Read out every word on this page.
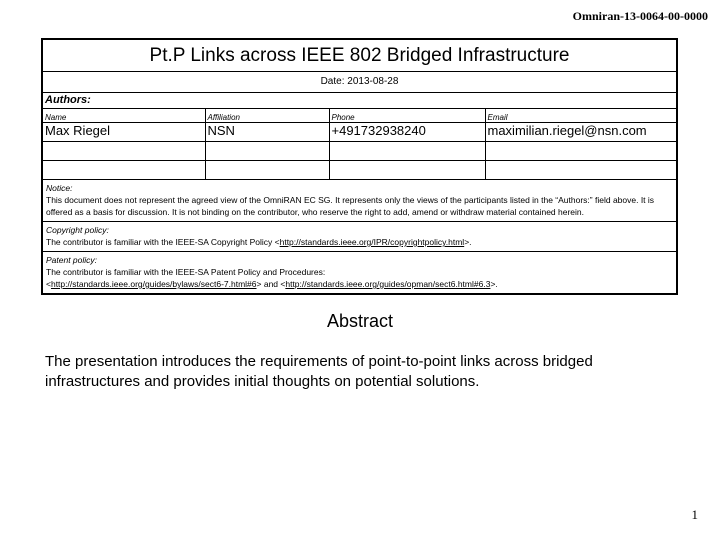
Omniran-13-0064-00-0000
Pt.P Links across IEEE 802 Bridged Infrastructure
Date: 2013-08-28
Authors:
Name	Affiliation	Phone	Email
Max Riegel	NSN	+491732938240	maximilian.riegel@nsn.com

Notice:
This document does not represent the agreed view of the OmniRAN EC SG. It represents only the views of the participants listed in the “Authors:” field above. It is offered as a basis for discussion. It is not binding on the contributor, who reserve the right to add, amend or withdraw material contained herein.
Copyright policy:
The contributor is familiar with the IEEE-SA Copyright Policy <http://standards.ieee.org/IPR/copyrightpolicy.html>.
Patent policy:
The contributor is familiar with the IEEE-SA Patent Policy and Procedures:
<http://standards.ieee.org/guides/bylaws/sect6-7.html#6> and <http://standards.ieee.org/guides/opman/sect6.html#6.3>.
Abstract
The presentation introduces the requirements of point-to-point links across bridged infrastructures and provides initial thoughts on potential solutions.
1
